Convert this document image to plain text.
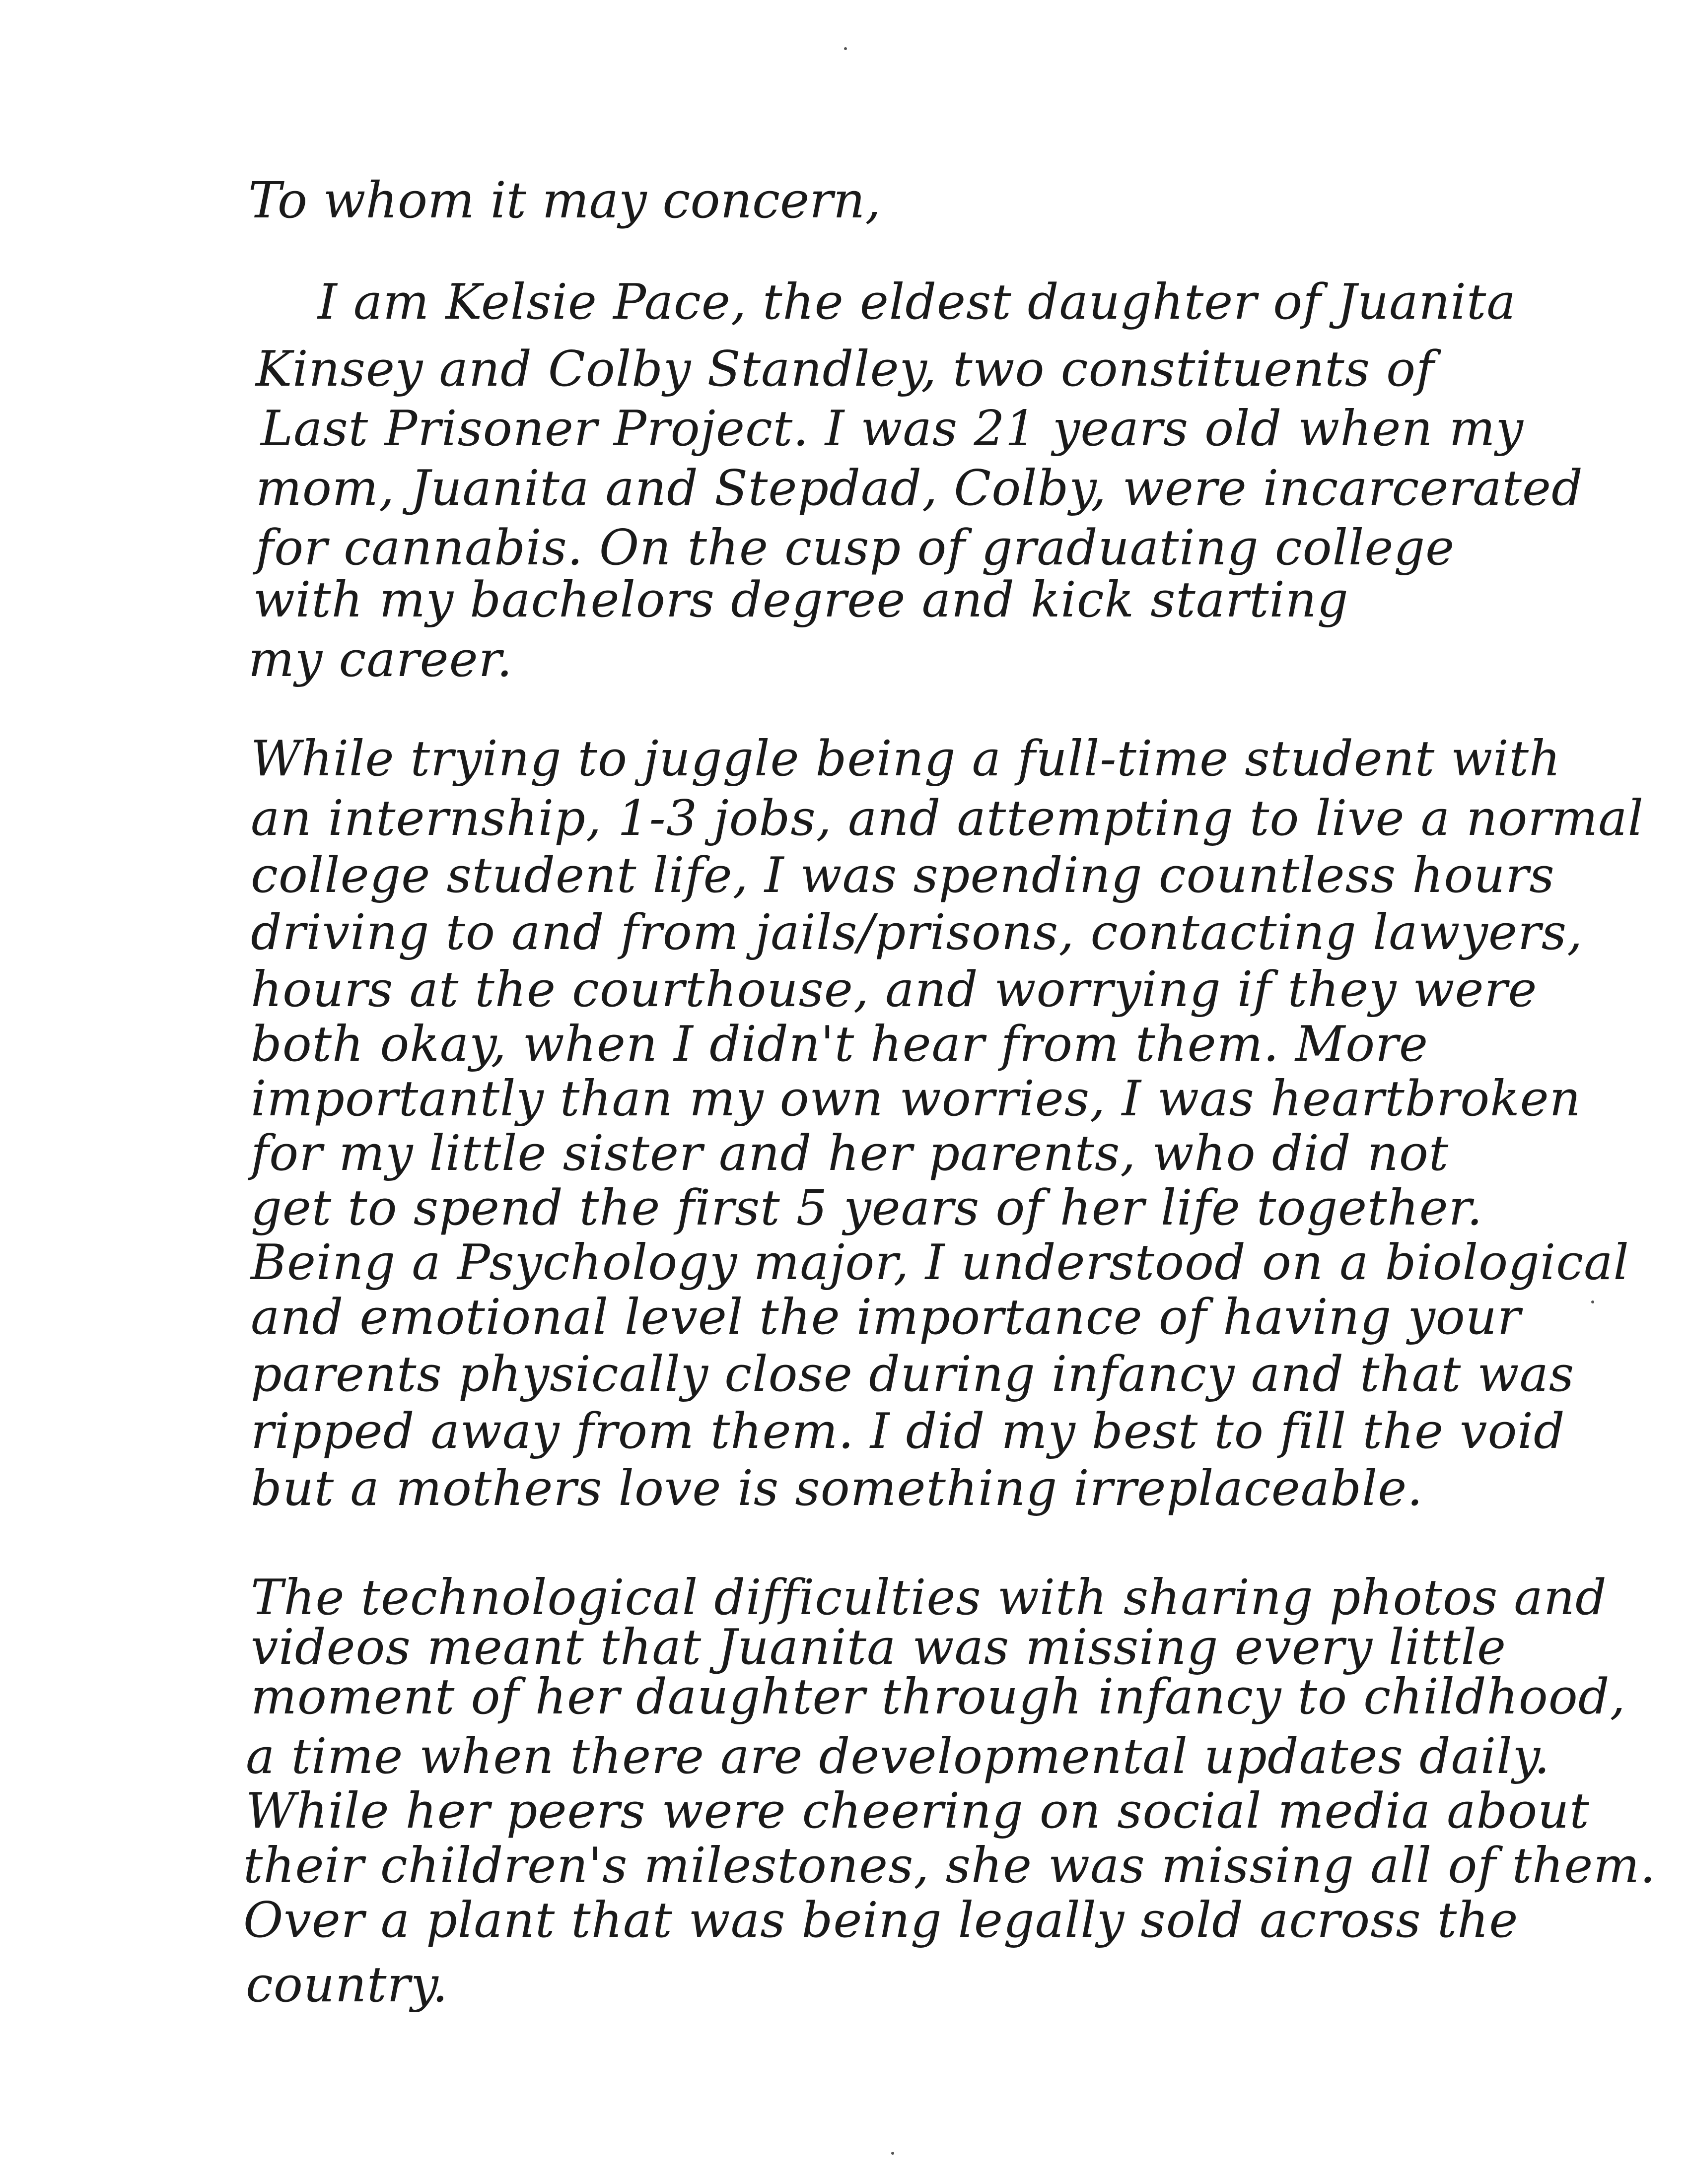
To whom it may concern,
I am Kelsie Pace, the eldest daughter of Juanita
Kinsey and Colby Standley, two constituents of
Last Prisoner Project. I was 21 years old when my
mom, Juanita and Stepdad, Colby, were incarcerated
for cannabis. On the cusp of graduating college
with my bachelors degree and kick starting
my career.
While trying to juggle being a full-time student with
an internship, 1-3 jobs, and attempting to live a normal
college student life, I was spending countless hours
driving to and from jails/prisons, contacting lawyers,
hours at the courthouse, and worrying if they were
both okay, when I didn't hear from them. More
importantly than my own worries, I was heartbroken
for my little sister and her parents, who did not
get to spend the first 5 years of her life together.
Being a Psychology major, I understood on a biological
and emotional level the importance of having your
parents physically close during infancy and that was
ripped away from them. I did my best to fill the void
but a mothers love is something irreplaceable.
The technological difficulties with sharing photos and
videos meant that Juanita was missing every little
moment of her daughter through infancy to childhood,
a time when there are developmental updates daily.
While her peers were cheering on social media about
their children's milestones, she was missing all of them.
Over a plant that was being legally sold across the
country.
